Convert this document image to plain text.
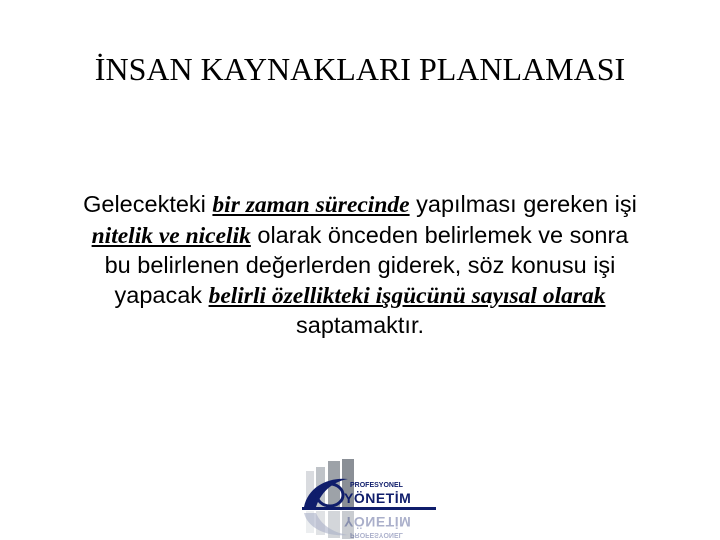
İNSAN KAYNAKLARI PLANLAMASI
Gelecekteki bir zaman sürecinde yapılması gereken işi nitelik ve nicelik olarak önceden belirlemek ve sonra bu belirlenen değerlerden giderek, söz konusu işi yapacak belirli özellikteki işgücünü sayısal olarak saptamaktır.
PROFESYONEL
YÖNETİM
YÖNETİM
PROFESYONEL
